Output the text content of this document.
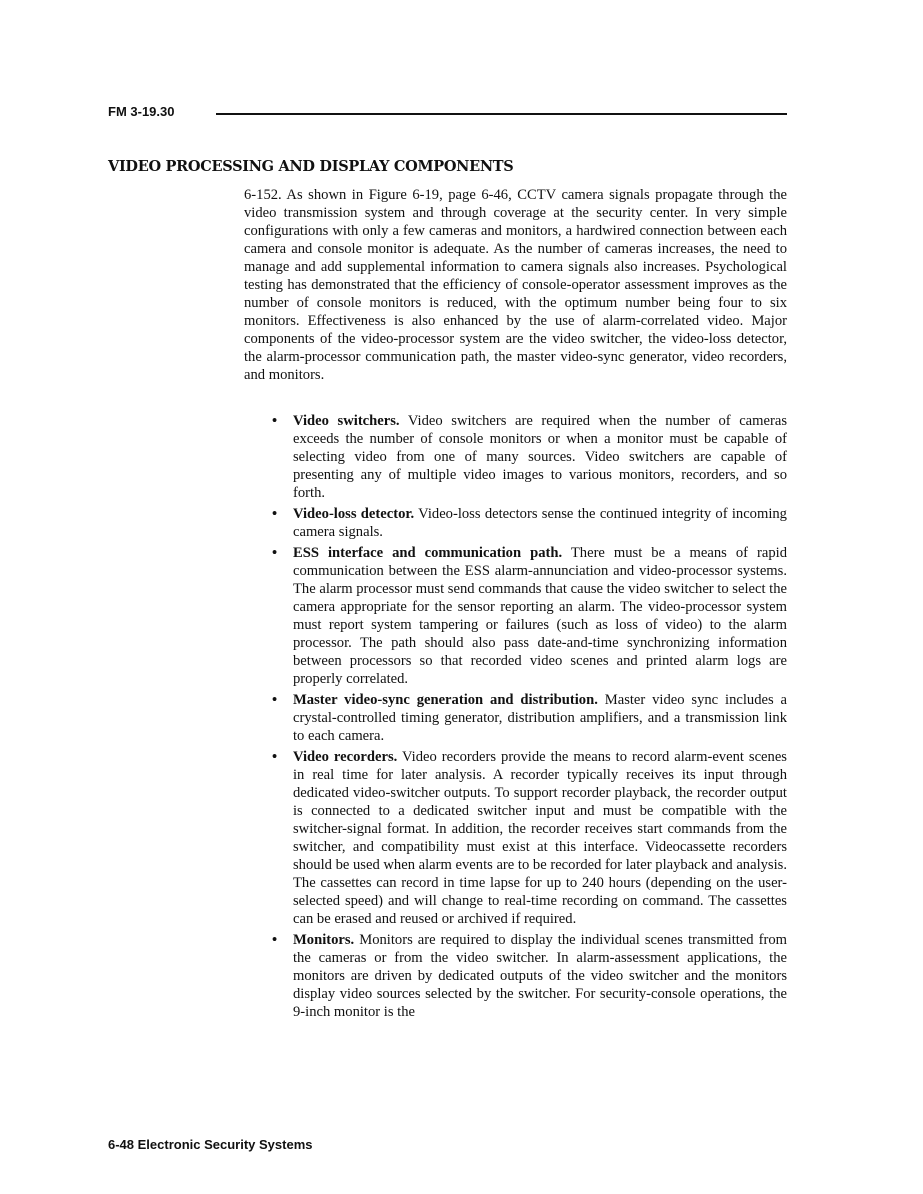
FM 3-19.30
VIDEO PROCESSING AND DISPLAY COMPONENTS

6-152. As shown in Figure 6-19, page 6-46, CCTV camera signals propagate through the video transmission system and through coverage at the security center. In very simple configurations with only a few cameras and monitors, a hardwired connection between each camera and console monitor is adequate. As the number of cameras increases, the need to manage and add supplemental information to camera signals also increases. Psychological testing has demonstrated that the efficiency of console-operator assessment improves as the number of console monitors is reduced, with the optimum number being four to six monitors. Effectiveness is also enhanced by the use of alarm-correlated video. Major components of the video-processor system are the video switcher, the video-loss detector, the alarm-processor communication path, the master video-sync generator, video recorders, and monitors.

• Video switchers. Video switchers are required when the number of cameras exceeds the number of console monitors or when a monitor must be capable of selecting video from one of many sources. Video switchers are capable of presenting any of multiple video images to various monitors, recorders, and so forth.
• Video-loss detector. Video-loss detectors sense the continued integrity of incoming camera signals.
• ESS interface and communication path. There must be a means of rapid communication between the ESS alarm-annunciation and video-processor systems. The alarm processor must send commands that cause the video switcher to select the camera appropriate for the sensor reporting an alarm. The video-processor system must report system tampering or failures (such as loss of video) to the alarm processor. The path should also pass date-and-time synchronizing information between processors so that recorded video scenes and printed alarm logs are properly correlated.
• Master video-sync generation and distribution. Master video sync includes a crystal-controlled timing generator, distribution amplifiers, and a transmission link to each camera.
• Video recorders. Video recorders provide the means to record alarm-event scenes in real time for later analysis. A recorder typically receives its input through dedicated video-switcher outputs. To support recorder playback, the recorder output is connected to a dedicated switcher input and must be compatible with the switcher-signal format. In addition, the recorder receives start commands from the switcher, and compatibility must exist at this interface. Videocassette recorders should be used when alarm events are to be recorded for later playback and analysis. The cassettes can record in time lapse for up to 240 hours (depending on the user-selected speed) and will change to real-time recording on command. The cassettes can be erased and reused or archived if required.
• Monitors. Monitors are required to display the individual scenes transmitted from the cameras or from the video switcher. In alarm-assessment applications, the monitors are driven by dedicated outputs of the video switcher and the monitors display video sources selected by the switcher. For security-console operations, the 9-inch monitor is the
6-48 Electronic Security Systems
